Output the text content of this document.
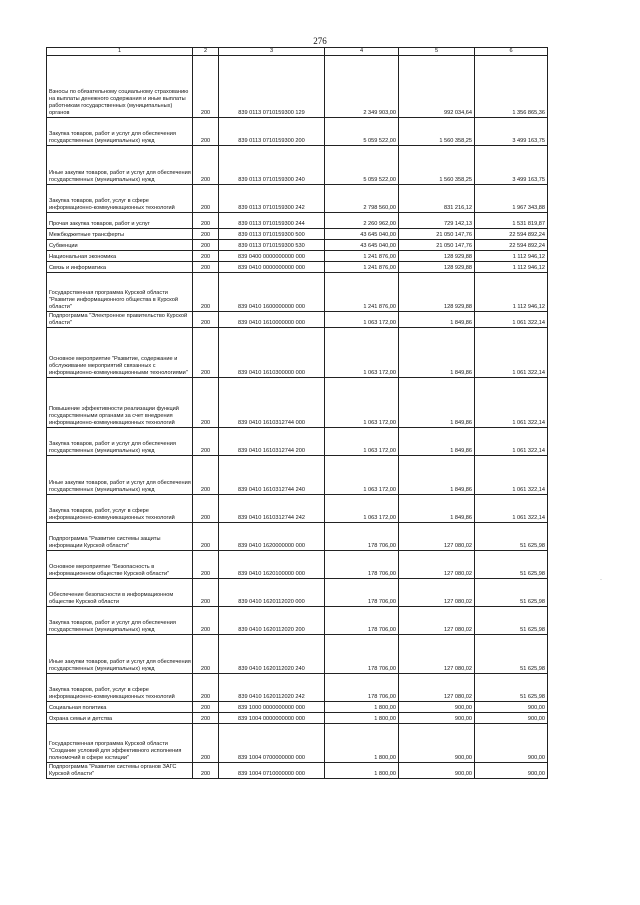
276
1	2	3	4	5	6
Взносы по обязательному социальному страхованию на выплаты денежного содержания и иные выплаты работникам государственных (муниципальных) органов	200	839 0113 0710159300 129	2 349 903,00	992 034,64	1 356 865,36
Закупка товаров, работ и услуг для обеспечения государственных (муниципальных) нужд	200	839 0113 0710159300 200	5 059 522,00	1 560 358,25	3 499 163,75
Иные закупки товаров, работ и услуг для обеспечения государственных (муниципальных) нужд	200	839 0113 0710159300 240	5 059 522,00	1 560 358,25	3 499 163,75
Закупка товаров, работ, услуг в сфере информационно-коммуникационных технологий	200	839 0113 0710159300 242	2 798 560,00	831 216,12	1 967 343,88
Прочая закупка товаров, работ и услуг	200	839 0113 0710159300 244	2 260 962,00	729 142,13	1 531 819,87
Межбюджетные трансферты	200	839 0113 0710159300 500	43 645 040,00	21 050 147,76	22 594 892,24
Субвенции	200	839 0113 0710159300 530	43 645 040,00	21 050 147,76	22 594 892,24
Национальная экономика	200	839 0400 0000000000 000	1 241 876,00	128 929,88	1 112 946,12
Связь и информатика	200	839 0410 0000000000 000	1 241 876,00	128 929,88	1 112 946,12
Государственная программа Курской области "Развитие информационного общества в Курской области"	200	839 0410 1600000000 000	1 241 876,00	128 929,88	1 112 946,12
Подпрограмма "Электронное правительство Курской области"	200	839 0410 1610000000 000	1 063 172,00	1 849,86	1 061 322,14
Основное мероприятие "Развитие, содержание и обслуживание мероприятий связанных с информационно-коммуникационными технологиями"	200	839 0410 1610300000 000	1 063 172,00	1 849,86	1 061 322,14
Повышение эффективности реализации функций государственными органами за счет внедрения информационно-коммуникационных технологий	200	839 0410 1610312744 000	1 063 172,00	1 849,86	1 061 322,14
Закупка товаров, работ и услуг для обеспечения государственных (муниципальных) нужд	200	839 0410 1610312744 200	1 063 172,00	1 849,86	1 061 322,14
Иные закупки товаров, работ и услуг для обеспечения государственных (муниципальных) нужд	200	839 0410 1610312744 240	1 063 172,00	1 849,86	1 061 322,14
Закупка товаров, работ, услуг в сфере информационно-коммуникационных технологий	200	839 0410 1610312744 242	1 063 172,00	1 849,86	1 061 322,14
Подпрограмма "Развитие системы защиты информации Курской области"	200	839 0410 1620000000 000	178 706,00	127 080,02	51 625,98
Основное мероприятие "Безопасность в информационном обществе Курской области"	200	839 0410 1620100000 000	178 706,00	127 080,02	51 625,98
Обеспечение безопасности в информационном обществе Курской области	200	839 0410 1620112020 000	178 706,00	127 080,02	51 625,98
Закупка товаров, работ и услуг для обеспечения государственных (муниципальных) нужд	200	839 0410 1620112020 200	178 706,00	127 080,02	51 625,98
Иные закупки товаров, работ и услуг для обеспечения государственных (муниципальных) нужд	200	839 0410 1620112020 240	178 706,00	127 080,02	51 625,98
Закупка товаров, работ, услуг в сфере информационно-коммуникационных технологий	200	839 0410 1620112020 242	178 706,00	127 080,02	51 625,98
Социальная политика	200	839 1000 0000000000 000	1 800,00	900,00	900,00
Охрана семьи и детства	200	839 1004 0000000000 000	1 800,00	900,00	900,00
Государственная программа Курской области "Создание условий для эффективного исполнения полномочий в сфере юстиции"	200	839 1004 0700000000 000	1 800,00	900,00	900,00
Подпрограмма "Развитие системы органов ЗАГС Курской области"	200	839 1004 0710000000 000	1 800,00	900,00	900,00
·
